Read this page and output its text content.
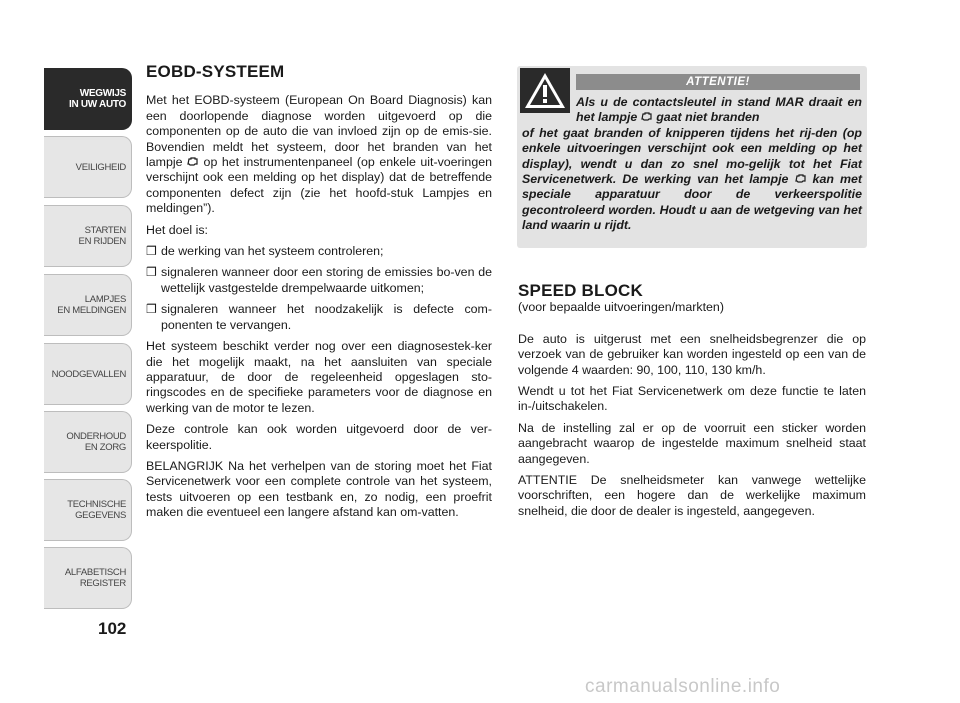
WEGWIJS
IN UW AUTO
VEILIGHEID
STARTEN
EN RIJDEN
LAMPJES
EN MELDINGEN
NOODGEVALLEN
ONDERHOUD
EN ZORG
TECHNISCHE
GEGEVENS
ALFABETISCH
REGISTER
102
EOBD-SYSTEEM

Met het EOBD-systeem (European On Board Diagnosis) kan een doorlopende diagnose worden uitgevoerd op die componenten op de auto die van invloed zijn op de emis-sie. Bovendien meldt het systeem, door het branden van het lampje op het instrumentenpaneel (op enkele uit-voeringen verschijnt ook een melding op het display) dat de betreffende componenten defect zijn (zie het hoofd-stuk Lampjes en meldingen”).

Het doel is:

❒ de werking van het systeem controleren;
❒ signaleren wanneer door een storing de emissies bo-ven de wettelijk vastgestelde drempelwaarde uitkomen;
❒ signaleren wanneer het noodzakelijk is defecte com-ponenten te vervangen.

Het systeem beschikt verder nog over een diagnosestek-ker die het mogelijk maakt, na het aansluiten van speciale apparatuur, de door de regeleenheid opgeslagen sto-ringscodes en de specifieke parameters voor de diagnose en werking van de motor te lezen.

Deze controle kan ook worden uitgevoerd door de ver-keerspolitie.

BELANGRIJK Na het verhelpen van de storing moet het Fiat Servicenetwerk voor een complete controle van het systeem, tests uitvoeren op een testbank en, zo nodig, een proefrit maken die eventueel een langere afstand kan om-vatten.

ATTENTIE!
Als u de contactsleutel in stand MAR draait en het lampje gaat niet branden
of het gaat branden of knipperen tijdens het rij-den (op enkele uitvoeringen verschijnt ook een melding op het display), wendt u dan zo snel mo-gelijk tot het Fiat Servicenetwerk. De werking van het lampje kan met speciale apparatuur door de verkeerspolitie gecontroleerd worden. Houdt u aan de wetgeving van het land waarin u rijdt.
SPEED BLOCK

(voor bepaalde uitvoeringen/markten)

De auto is uitgerust met een snelheidsbegrenzer die op verzoek van de gebruiker kan worden ingesteld op een van de volgende 4 waarden: 90, 100, 110, 130 km/h.

Wendt u tot het Fiat Servicenetwerk om deze functie te laten in-/uitschakelen.

Na de instelling zal er op de voorruit een sticker worden aangebracht waarop de ingestelde maximum snelheid staat aangegeven.

ATTENTIE De snelheidsmeter kan vanwege wettelijke voorschriften, een hogere dan de werkelijke maximum snelheid, die door de dealer is ingesteld, aangegeven.

carmanualsonline.info
